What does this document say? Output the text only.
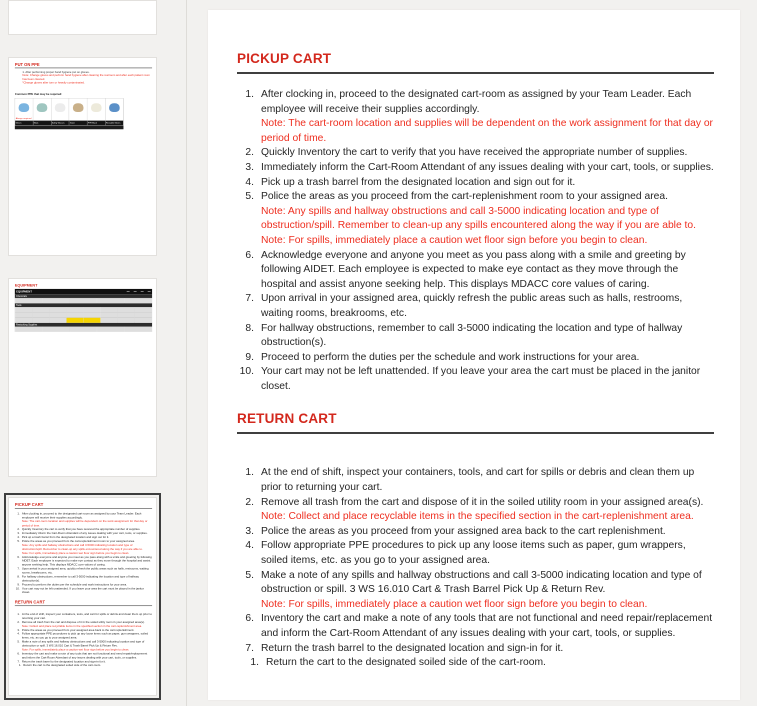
PUT ON PPE
1. After performing proper hand hygiene put on gloves.
Note: Change gloves and perform hand hygiene after cleaning the restroom and after each patient room has been cleaned.
*Change gloves after torn or heavily contaminated.
Common PPE that may be required:
Always required
Gloves	Mask	Safety Glasses Gown	PPE Mask	Reusable Gloves
EQUIPMENT
EQUIPMENT
Chemicals
Tools
Restocking Supplies
PICKUP CART
1. After clocking in, proceed to the designated cart-room as assigned by your Team Leader. Each employee will receive their supplies accordingly.
Note: The cart-room location and supplies will be dependent on the work assignment for that day or period of time.
2. Quickly Inventory the cart to verify that you have received the appropriate number of supplies.
3. Immediately inform the Cart-Room Attendant of any issues dealing with your cart, tools, or supplies.
4. Pick up a trash barrel from the designated location and sign out for it.
5. Police the areas as you proceed from the cart-replenishment room to your assigned area.
Note: Any spills and hallway obstructions and call 3-5000 indicating location and type of obstruction/spill. Remember to clean-up any spills encountered along the way if you are able to.
Note: For spills, immediately place a caution wet floor sign before you begin to clean.
6. Acknowledge everyone and anyone you meet as you pass along with a smile and greeting by following AIDET. Each employee is expected to make eye contact as they move through the hospital and assist anyone seeking help. This displays MDACC core values of caring.
7. Upon arrival in your assigned area, quickly refresh the public areas such as halls, restrooms, waiting rooms, breakrooms, etc.
8. For hallway obstructions, remember to call 3-5000 indicating the location and type of hallway obstruction(s).
9. Proceed to perform the duties per the schedule and work instructions for your area.
10. Your cart may not be left unattended. If you leave your area the cart must be placed in the janitor closet.
RETURN CART
1. At the end of shift, inspect your containers, tools, and cart for spills or debris and clean them up prior to returning your cart.
2. Remove all trash from the cart and dispose of it in the soiled utility room in your assigned area(s).
Note: Collect and place recyclable items in the specified section in the cart-replenishment area.
3. Police the areas as you proceed from your assigned area back to the cart replenishment.
4. Follow appropriate PPE procedures to pick up any loose items such as paper, gum wrappers, soiled items, etc. as you go to your assigned area.
5. Make a note of any spills and hallway obstructions and call 3-5000 indicating location and type of obstruction or spill. 3 WS 16.010 Cart & Trash Barrel Pick Up & Return Rev.
Note: For spills, immediately place a caution wet floor sign before you begin to clean.
6. Inventory the cart and make a note of any tools that are not functional and need repair/replacement and inform the Cart-Room Attendant of any issues dealing with your cart, tools, or supplies.
7. Return the trash barrel to the designated location and sign-in for it.
1. Return the cart to the designated soiled side of the cart-room.
PICKUP CART
1. After clocking in, proceed to the designated cart-room as assigned by your Team Leader. Each employee will receive their supplies accordingly.
Note: The cart-room location and supplies will be dependent on the work assignment for that day or period of time.
2. Quickly Inventory the cart to verify that you have received the appropriate number of supplies.
3. Immediately inform the Cart-Room Attendant of any issues dealing with your cart, tools, or supplies.
4. Pick up a trash barrel from the designated location and sign out for it.
5. Police the areas as you proceed from the cart-replenishment room to your assigned area.
Note: Any spills and hallway obstructions and call 3-5000 indicating location and type of obstruction/spill. Remember to clean-up any spills encountered along the way if you are able to.
Note: For spills, immediately place a caution wet floor sign before you begin to clean.
6. Acknowledge everyone and anyone you meet as you pass along with a smile and greeting by following AIDET. Each employee is expected to make eye contact as they move through the hospital and assist anyone seeking help. This displays MDACC core values of caring.
7. Upon arrival in your assigned area, quickly refresh the public areas such as halls, restrooms, waiting rooms, breakrooms, etc.
8. For hallway obstructions, remember to call 3-5000 indicating the location and type of hallway obstruction(s).
9. Proceed to perform the duties per the schedule and work instructions for your area.
10. Your cart may not be left unattended. If you leave your area the cart must be placed in the janitor closet.
RETURN CART
1. At the end of shift, inspect your containers, tools, and cart for spills or debris and clean them up prior to returning your cart.
2. Remove all trash from the cart and dispose of it in the soiled utility room in your assigned area(s).
Note: Collect and place recyclable items in the specified section in the cart-replenishment area.
3. Police the areas as you proceed from your assigned area back to the cart replenishment.
4. Follow appropriate PPE procedures to pick up any loose items such as paper, gum wrappers, soiled items, etc. as you go to your assigned area.
5. Make a note of any spills and hallway obstructions and call 3-5000 indicating location and type of obstruction or spill. 3 WS 16.010 Cart & Trash Barrel Pick Up & Return Rev.
Note: For spills, immediately place a caution wet floor sign before you begin to clean.
6. Inventory the cart and make a note of any tools that are not functional and need repair/replacement and inform the Cart-Room Attendant of any issues dealing with your cart, tools, or supplies.
7. Return the trash barrel to the designated location and sign-in for it.
1. Return the cart to the designated soiled side of the cart-room.
